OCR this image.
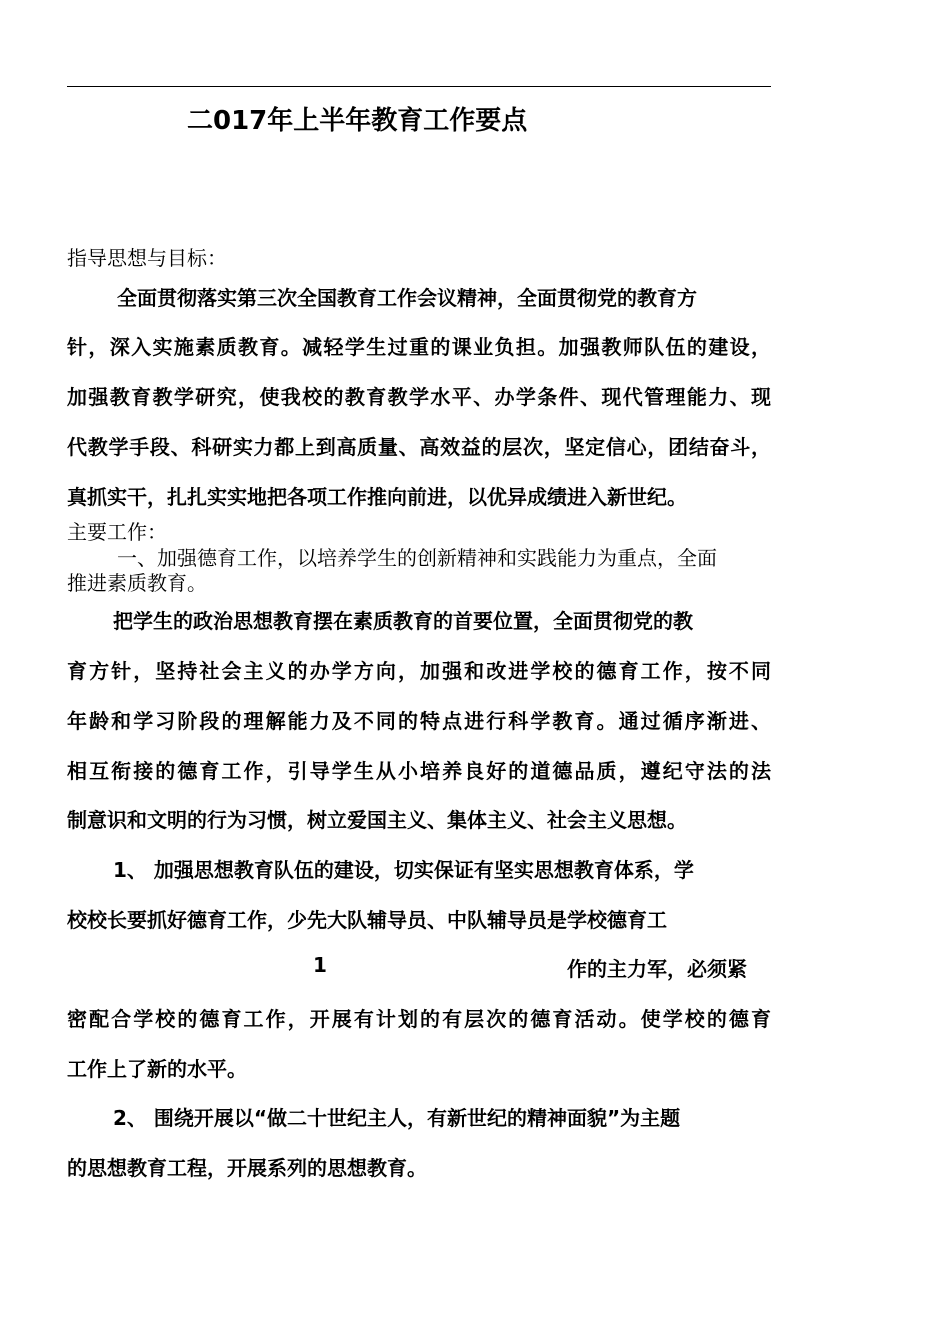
二017年上半年教育工作要点
指导思想与目标：
全面贯彻落实第三次全国教育工作会议精神，全面贯彻党的教育方
针，深入实施素质教育。减轻学生过重的课业负担。加强教师队伍的建设，
加强教育教学研究，使我校的教育教学水平、办学条件、现代管理能力、现
代教学手段、科研实力都上到高质量、高效益的层次，坚定信心，团结奋斗，
真抓实干，扎扎实实地把各项工作推向前进，以优异成绩进入新世纪。
主要工作：
一、加强德育工作，以培养学生的创新精神和实践能力为重点，全面
推进素质教育。
把学生的政治思想教育摆在素质教育的首要位置，全面贯彻党的教
育方针，坚持社会主义的办学方向，加强和改进学校的德育工作，按不同
年龄和学习阶段的理解能力及不同的特点进行科学教育。通过循序渐进、
相互衔接的德育工作，引导学生从小培养良好的道德品质，遵纪守法的法
制意识和文明的行为习惯，树立爱国主义、集体主义、社会主义思想。
1、 加强思想教育队伍的建设，切实保证有坚实思想教育体系，学
校校长要抓好德育工作，少先大队辅导员、中队辅导员是学校德育工
1	作的主力军，必须紧
密配合学校的德育工作，开展有计划的有层次的德育活动。使学校的德育
工作上了新的水平。
2、 围绕开展以“做二十世纪主人，有新世纪的精神面貌”为主题
的思想教育工程，开展系列的思想教育。
